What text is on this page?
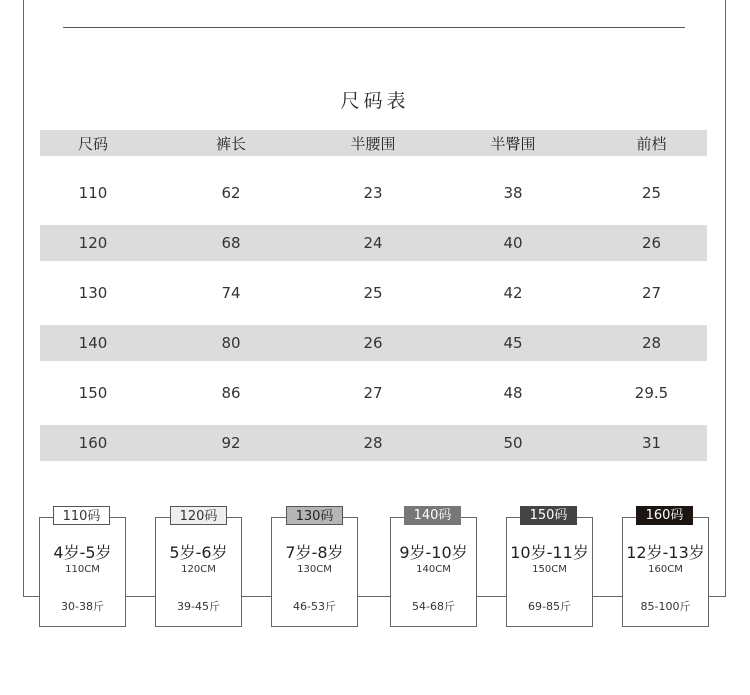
尺码表
尺码	裤长	半腰围	半臀围	前档
110	62	23	38	25
120	68	24	40	26
130	74	25	42	27
140	80	26	45	28
150	86	27	48	29.5
160	92	28	50	31
4岁-5岁
110CM
30-38斤
110码
5岁-6岁
120CM
39-45斤
120码
7岁-8岁
130CM
46-53斤
130码
9岁-10岁
140CM
54-68斤
140码
10岁-11岁
150CM
69-85斤
150码
12岁-13岁
160CM
85-100斤
160码
